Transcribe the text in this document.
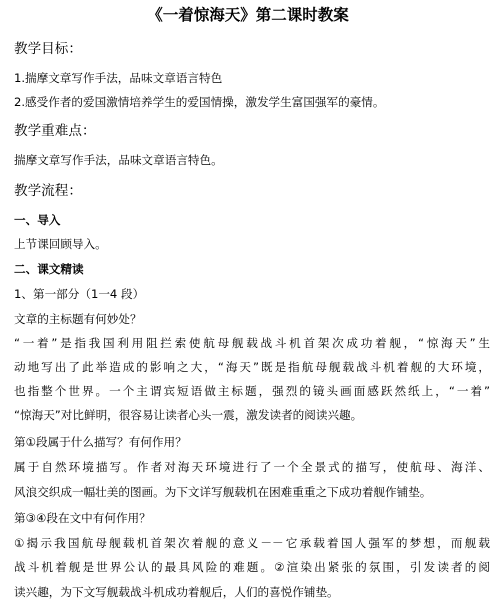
《一着惊海天》第二课时教案
教学目标：
1.揣摩文章写作手法，品味文章语言特色
2.感受作者的爱国激情培养学生的爱国情操，激发学生富国强军的豪情。
教学重难点：
揣摩文章写作手法，品味文章语言特色。
教学流程：
一、导入
上节课回顾导入。
二、课文精读
1、第一部分（1一4 段）
文章的主标题有何妙处？
“一着”是指我国利用阻拦索使航母舰载战斗机首架次成功着舰，“惊海天”生
动地写出了此举造成的影响之大，“海天”既是指航母舰载战斗机着舰的大环境，
也指整个世界。一个主谓宾短语做主标题，强烈的镜头画面感跃然纸上，“一着”
“惊海天”对比鲜明，很容易让读者心头一震，激发读者的阅读兴趣。
第①段属于什么描写？有何作用？
属于自然环境描写。作者对海天环境进行了一个全景式的描写，使航母、海洋、
风浪交织成一幅壮美的图画。为下文详写舰载机在困难重重之下成功着舰作铺垫。
第③④段在文中有何作用？
①揭示我国航母舰载机首架次着舰的意义－－它承载着国人强军的梦想，而舰载
战斗机着舰是世界公认的最具风险的难题。②渲染出紧张的氛围，引发读者的阅
读兴趣，为下文写舰载战斗机成功着舰后，人们的喜悦作铺垫。
